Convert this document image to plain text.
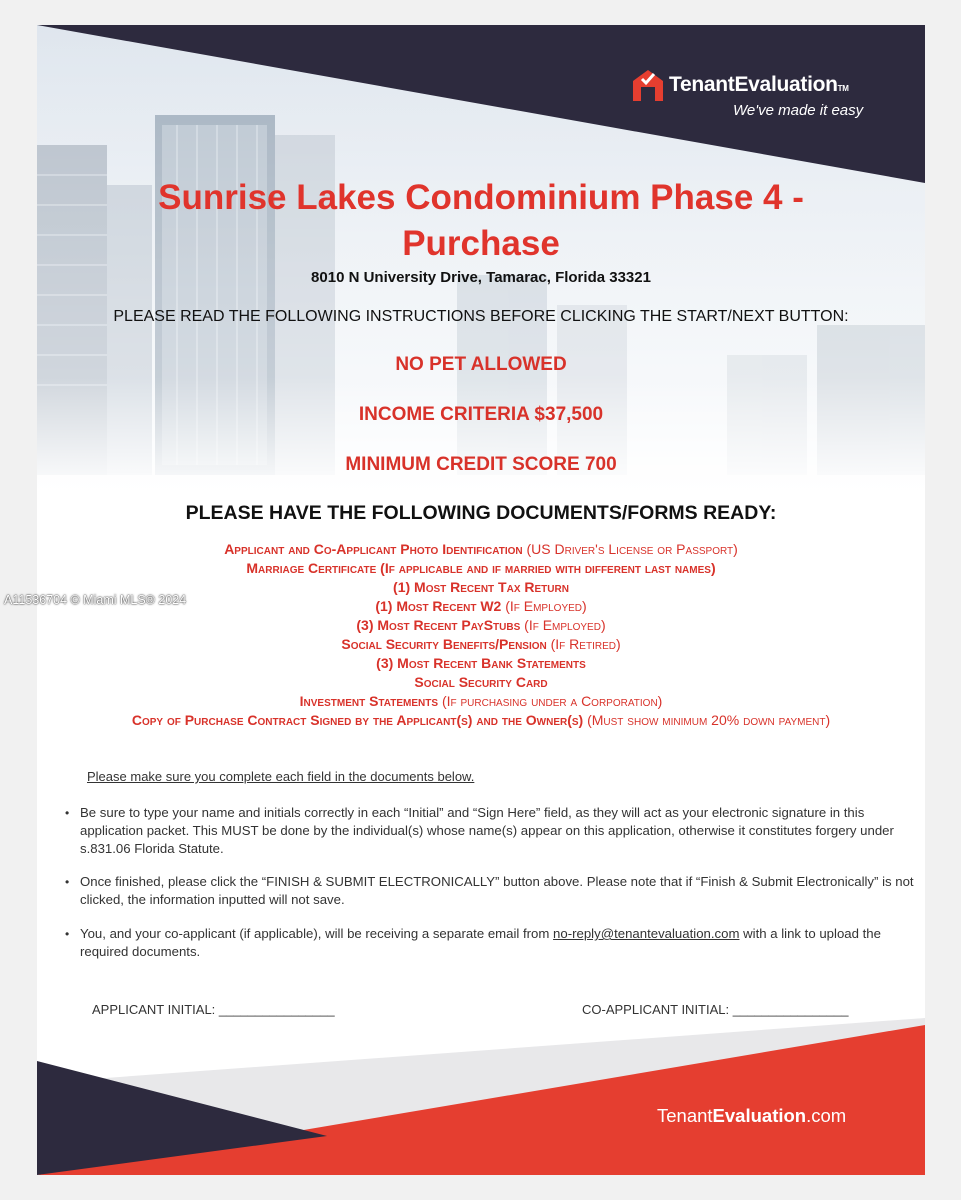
TenantEvaluationTM
We've made it easy
Sunrise Lakes Condominium Phase 4 -
Purchase
8010 N University Drive, Tamarac, Florida 33321
PLEASE READ THE FOLLOWING INSTRUCTIONS BEFORE CLICKING THE START/NEXT BUTTON:
NO PET ALLOWED
INCOME CRITERIA $37,500
MINIMUM CREDIT SCORE 700
PLEASE HAVE THE FOLLOWING DOCUMENTS/FORMS READY:
Applicant and Co-Applicant Photo Identification (US Driver's License or Passport)
Marriage Certificate (If applicable and if married with different last names)
(1) Most Recent Tax Return
(1) Most Recent W2 (If Employed)
(3) Most Recent PayStubs (If Employed)
Social Security Benefits/Pension (If Retired)
(3) Most Recent Bank Statements
Social Security Card
Investment Statements (If purchasing under a Corporation)
Copy of Purchase Contract Signed by the Applicant(s) and the Owner(s) (Must show minimum 20% down payment)
Please make sure you complete each field in the documents below.
• Be sure to type your name and initials correctly in each “Initial” and “Sign Here” field, as they will act as your electronic signature in this application packet. This MUST be done by the individual(s) whose name(s) appear on this application, otherwise it constitutes forgery under s.831.06 Florida Statute.
• Once finished, please click the “FINISH & SUBMIT ELECTRONICALLY” button above. Please note that if “Finish & Submit Electronically” is not clicked, the information inputted will not save.
• You, and your co-applicant (if applicable), will be receiving a separate email from no-reply@tenantevaluation.com with a link to upload the required documents.
APPLICANT INITIAL: ________________	CO-APPLICANT INITIAL: ________________
TenantEvaluation.com
A11536704 © Miami MLS® 2024
